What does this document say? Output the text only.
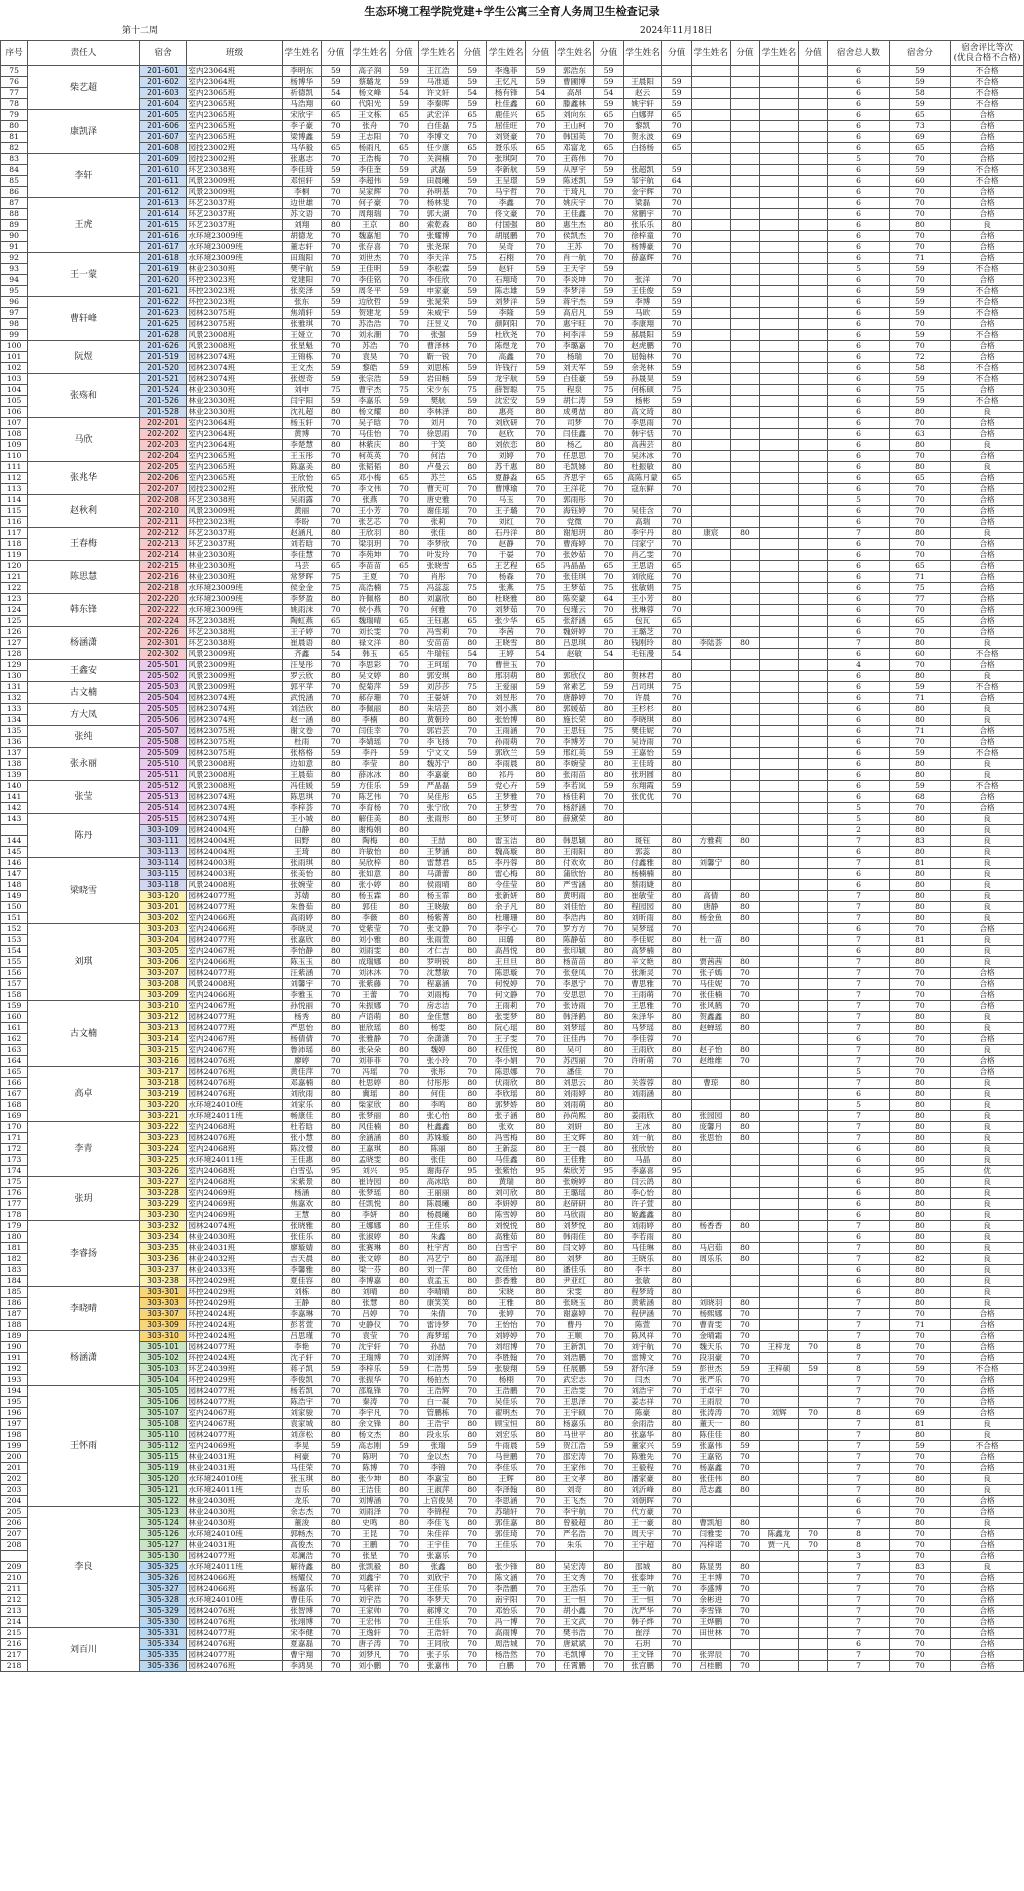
生态环境工程学院党建+学生公寓三全育人务周卫生检查记录
第十二周	2024年11月18日
序号	责任人	宿舍	班级	学生姓名	分值	学生姓名	分值	学生姓名	分值	学生姓名	分值	学生姓名	分值	学生姓名	分值	学生姓名	分值	学生姓名	分值	宿舍总人数	宿舍分	宿舍评比等次
(优良合格不合格)
75	柴艺超	201-601	室内23064班	李明东	59	高子润	59	王江浩	59	李逸菲	59	郭浩东	59							6	59	不合格
76		201-602	室内23064班	杨博华	59	蔡璐龙	59	马准遥	59	王忆凡	59	曹圃博	59	王晨阳	59					6	59	不合格
77		201-603	室内23065班	祈德凯	54	杨文峰	54	许文轩	54	杨有锋	54	高昂	54	赵云	59					6	58	不合格
78		201-604	室内23065班	马浩翔	60	代阳光	59	李秦晖	59	杜佳鑫	60	滕鑫林	59	姚宇轩	59					6	59	不合格
79	康凯泽	201-605	室内23065班	宋欣宇	65	王文栋	65	武宏洋	65	鹿佳兴	65	刘向东	65	白娜羿	65					6	65	合格
80		201-606	室内23065班	李子豪	70	张舟	70	白佳磊	75	屈佳旺	70	王山柯	70	黎凯	70					6	73	合格
81		201-607	室内23065班	梁博鑫	59	王志阳	70	李博文	70	刘贤豪	70	韩国英	70	贺永波	69					6	69	合格
82		201-608	园技23002班	马华毅	65	杨雨凡	65	任少康	65	聂乐乐	65	邓富龙	65	白扬杨	65					6	65	合格
83	李轩	201-609	园技23002班	张惠志	70	王浩梅	70	关润楠	70	张琪阿	70	王蒋伟	70							5	70	合格
84		201-610	环艺23038班	李佳琦	59	李佳奎	59	武磊	59	李新航	59	从厚宇	59	张超凯	59					6	59	不合格
85		201-611	风景23009班	邓恒轩	59	李超伟	59	田晨曦	59	王呈璟	59	陈述凯	59	邹宇航	64					6	60	不合格
86		201-612	风景23009班	李桐	70	吴家辉	70	孙明基	70	马宇哲	70	于琦凡	70	金宇辉	70					6	70	合格
87	王虎	201-613	环艺23037班	边世雄	70	何子豪	70	杨林斐	70	李鑫	70	姚庆宇	70	梁磊	70					6	70	合格
88		201-614	环艺23037班	苏文语	70	周翔瑞	70	郭大湖	70	佟文豪	70	王佳鑫	70	常鹏宇	70					6	70	合格
89		201-615	环艺23037班	刘翔	80	王京	80	索乾森	80	付国强	80	惠生杰	80	张乐乐	80					6	80	良
90		201-616	水环境23009班	胡德龙	70	魏嘉旭	70	张耀博	70	胡展鹏	70	侯凯杰	70	徐梓童	70					6	70	合格
91		201-617	水环境23009班	董志轩	70	张存喜	70	张尧琛	70	吴奇	70	王苏	70	杨博豪	70					6	70	合格
92	王一蒙	201-618	水环境23009班	田瑞阳	70	刘世杰	70	李天洋	75	石栩	70	肖一航	70	薛嘉辉	70					6	71	合格
93		201-619	林业23030班	樊宇航	59	王佳明	59	李松霖	59	赵轩	59	王天宇	59							5	59	不合格
94		201-620	环控23023班	党建阳	70	李佳铭	70	李佳欣	70	石翔琦	70	李炎坤	70	张洋	70					6	70	合格
95		201-621	环控23023班	张奕泽	59	周冬平	59	申家豪	59	陈志雄	59	李梦洋	59	王佳俊	59					6	59	不合格
96	曹轩峰	201-622	环控23023班	张东	59	边欣哲	59	张晁荣	59	刘梦洋	59	蒋宇杰	59	李博	59					6	59	不合格
97		201-623	园林23075班	焦靖轩	59	贺建龙	59	朱威宇	59	李隆	59	高启凡	59	马欧	59					6	59	不合格
98		201-625	园林23075班	张雅琪	70	苏浩浩	70	汪昱义	70	颜阿阳	70	惠宇旺	70	李康翔	70					6	70	合格
99		201-628	风景23008班	王娅立	70	刘永潮	70	张强	59	杜欣尧	70	柯李洋	59	郝晨阳	59					6	59	不合格
100	阮煜	201-626	风景23008班	张星魁	70	苏浩	70	曹泽林	70	陈煜龙	70	李璐嘉	70	赵虎鹏	70					6	70	合格
101		201-519	园林23074班	王锦栋	70	袁昊	70	靳一锐	70	高鑫	70	杨瑞	70	屈翰林	70					6	72	合格
102		201-520	园林23074班	王文杰	59	黎皓	59	刘思栋	59	许钱行	59	刘天军	59	余尧林	59					6	58	不合格
103	张殇和	201-521	园林23074班	张煜奇	59	张宗浩	59	岩田畅	59	龙宇航	59	白佳豪	59	孙晟昊	59					6	59	不合格
104		201-524	林业23030班	刘申	75	曹宇杰	75	宋少东	75	薛智聪	75	程泉	75	何栋硕	75					6	75	合格
105		201-526	林业23030班	闫宇阳	59	李嘉乐	59	樊航	59	沈宏安	59	胡仁涛	59	杨彬	59					6	59	不合格
106		201-528	林业23030班	沈礼超	80	杨文耀	80	李林泽	80	惠亮	80	成勇喆	80	高文琦	80					6	80	良
107	马欣	202-201	室内23064班	杨玉轩	70	吴子晗	70	刘月	70	刘欣研	70	司梦	70	李思雨	70					6	70	合格
108		202-202	室内23064班	黄博	70	马佳怡	70	徐思雨	70	赵欣	70	闫佳鑫	70	韩宇恬	70					6	63	合格
109		202-203	室内23064班	李楚慧	80	林紫庆	80	于笑	80	刘依恋	80	杨乙	80	高茜芸	80					6	80	良
110		202-204	室内23065班	王玉彤	70	柯英英	70	何洁	70	刘婷	70	任思思	70	吴沐冰	70					6	70	合格
111	张兆华	202-205	室内23065班	陈嘉美	80	张韬韬	80	卢曼云	80	苏千惠	80	毛凯娣	80	杜振敏	80					6	80	良
112		202-206	室内23065班	王欣怡	65	邓小梅	65	苏兰	65	夏静淼	65	齐思宇	65	高陈月蒙	65					6	65	合格
113		202-207	园技23002班	张欣悦	70	李文伟	70	曹天可	70	曹博瑜	70	王洋花	70	寇东鲜	70					6	70	合格
114	赵秋利	202-208	环艺23038班	吴雨露	70	张燕	70	唐史雅	70	马玉	70	郭雨彤	70							5	70	合格
115		202-210	风景23009班	黄丽	70	王小芳	70	谢佳瑶	70	王子璐	70	海钰婷	70	吴佳含	70					6	70	合格
116		202-211	环控23023班	李盼	70	张艺芯	70	张莉	70	刘红	70	党微	70	高瑞	70					6	70	合格
117	王春梅	202-212	环艺23037班	赵涵凡	80	王欣羽	80	张佳	80	石丹洋	80	谢旭玥	80	李宇丹	80	康宸	80			7	80	良
118		202-213	环艺23037班	刘若晗	70	梁羽玥	70	李梦欣	70	赵静	70	曹海婷	70	闫家宁	70					6	70	合格
119		202-214	林业23030班	李佳慧	70	李苑坤	70	叶发玲	70	于晏	70	张妙茹	70	肖乙雯	70					6	70	合格
120	陈思慧	202-215	林业23030班	马芸	65	李苗苗	65	张晓雪	65	王艺程	65	冯晶晶	65	王思语	65					6	65	合格
121		202-216	林业23030班	常梦晖	75	王夏	70	肖彤	70	杨森	70	张佳琪	70	刘欣庭	70					6	71	合格
122		202-218	水环境23009班	侯金金	75	高浩楠	75	冯蕊蕊	75	张燕	75	王梦茹	75	张敏娟	75					6	75	合格
123	韩东锋	202-220	水环境23009班	李梦盈	80	许佩格	80	刘嘉欣	80	杜晓雅	80	陈奕蒙	64	王小芳	80					6	77	合格
124		202-222	水环境23009班	姚雨沫	70	侯小燕	70	何雅	70	刘梦茹	70	包瑾云	70	张琳蓉	70					6	70	合格
125		202-224	环艺23038班	陶虹燕	65	魏瑞晴	65	王钰惠	65	张少华	65	张舒涵	65	包瓦	65					6	65	合格
126	杨涵潇	202-226	环艺23038班	王子婷	70	刘长雯	70	冯雪莉	70	李茜	70	魏妍婷	70	王璐芝	70					6	70	合格
127		202-301	环艺23038班	崔晨语	80	禄文洋	80	安苗苗	80	王晓雪	80	吕思琪	80	钱刚玲	80	李陆荟	80			7	80	良
128		202-302	风景23009班	齐鑫	54	韩玉	65	牛瑞钰	54	王婷	54	赵敏	54	毛钰漫	54					6	60	不合格
129	王鑫安	205-501	风景23009班	汪旻彤	70	李思彩	70	王珂瑶	70	曹世玉	70									4	70	合格
130		205-502	风景23009班	罗云欣	80	吴文婷	80	郭安琪	80	邢羽萌	80	郭欣仪	80	贺林君	80					6	80	良
131	古文楠	205-503	风景23009班	郭平苹	70	倪菊萍	59	刘莎莎	75	王爱丽	59	常素艺	59	吕司琪	75					6	59	不合格
132		205-504	园林23074班	武悦涵	70	郝存珊	70	王晏妍	70	刘昱彤	70	唐静婷	70	许晨	70					6	71	合格
133	方大凤	205-505	园林23074班	刘洁欣	80	李佩丽	80	朱培芸	80	刘小燕	80	郭媛茹	80	王杉杉	80					6	80	良
134		205-506	园林23074班	赵一涵	80	李楠	80	黄朝玲	80	张怡博	80	施长荣	80	李晓琪	80					6	80	良
135	张纯	205-507	园林23075班	谢文卷	70	闫佳幸	70	郭岩芸	70	王雨涵	70	王思钰	75	樊佳妮	70					6	71	合格
136		205-508	园林23075班	杜雨	70	李婧瑶	70	李飞扬	70	孙雨萌	70	李博芳	70	吴诗雨	70					6	70	合格
137	张永丽	205-509	园林23075班	张格格	59	李丹	59	宁文文	59	郭欣兰	59	邢红英	59	王嘉怡	59					6	59	不合格
138		205-510	风景23008班	边如意	80	李莹	80	魏苏宁	80	李雨晨	80	李婉莹	80	王佳琦	80					6	80	良
139		205-511	风景23008班	王晨茹	80	薛冰冰	80	李嘉豪	80	祁丹	80	张雨苗	80	张玥圆	80					6	80	良
140	张莹	205-512	风景23008班	冯佳媛	59	方佳乐	59	严晶磊	59	党心卉	59	李若岚	59	东翔霞	59					6	59	不合格
141		205-513	园林23074班	陈思琪	70	陈艺伟	70	吴佳彤	65	王梦雅	70	杨佳莉	70	张优优	70					6	68	合格
142		205-514	园林23074班	李梓荟	70	李育杨	70	张宁欣	70	王梦雪	70	杨舒涵	70							5	70	合格
143	陈丹	205-515	园林23074班	王小城	80	解佳美	80	张雨形	80	王梦可	80	薛黛荣	80							5	80	良
		303-109	园林24004班	白静	80	谢梅娟	80													2	80	良
144		303-111	园林24004班	田野	80	陶梅	80	王喆	80	雷玉洁	80	韩思颖	80	斑钰	80	方雅莉	80			7	83	良
145		303-113	园林24004班	王琦	80	许敏怡	80	王梦涵	80	魏高璇	80	王雨阳	80	郭蕊	80					6	80	良
146	梁晓雪	303-114	园林24003班	张雨琪	80	吴欣梓	80	雷慧君	85	李丹蓉	80	付欢欢	80	付鑫雅	80	刘馨宁	80			7	81	良
147		303-115	园林24003班	张美怡	80	张如意	80	马潇蕾	80	雷心梅	80	蒲欣怡	80	杨楠楠	80					6	80	良
148		303-118	风景24008班	张婉莹	80	张小婷	80	侯雨晴	80	令佳莹	80	严雪涵	80	蔡雨婕	80					6	80	良
149		303-120	园林24077班	苏婧	80	杨玉霖	80	杨玉霏	80	张新妍	80	黄明雨	80	崔敏莹	80	高倩	80			7	80	良
150		303-201	园林24077班	朱鲁茹	80	郭佳	80	王晓敏	80	余子凡	80	刘佳怡	80	程园园	80	唐静	80			7	80	良
151		303-202	室内24066班	高雨婷	80	李薇	80	杨紫菁	80	杜珊珊	80	李浩冉	80	刘昕雨	80	杨金鱼	80			7	80	良
152	刘琪	303-203	室内24066班	李晓灵	70	党紫莹	70	张文静	70	李宇心	70	罗方方	70	吴梦瑶	70					6	70	合格
153		303-204	园林24077班	张嘉欣	80	刘小雅	80	张雨萱	80	田璐	80	陈静茹	80	李佳妮	80	杜一苗	80			7	81	良
154		303-205	室内24067班	李怡静	80	刘雨雯	80	才仁吉	80	高昌悦	80	张印颖	80	高梦楠	80					6	80	良
155		303-206	室内24066班	陈玉玉	80	成瑞娜	80	罗明锐	80	王旦旦	80	杨苗苗	80	辛文艳	80	贾茜茜	80			7	80	良
156		303-207	园林24077班	汪紫涵	70	刘沐沐	70	沈慧敏	70	陈思璇	70	张登凤	70	张渐灵	70	张子嫣	70			7	70	合格
157		303-208	风景24008班	刘馨宇	70	张紫藤	70	程嘉涵	70	何悦婷	70	李恩宁	70	曹思雅	70	马佳妮	70			7	70	合格
158		303-209	室内24066班	李雅玉	70	王蕾	70	刘雨梅	70	何文静	70	安思思	70	王雨萌	70	张佳楠	70			7	70	合格
159	古文楠	303-210	室内24067班	孙悦丽	70	朱振娜	70	房志洁	70	王雨莉	70	张诗雨	70	王思雅	70	张风鹤	70			7	70	合格
160		303-212	园林24077班	杨秀	80	卢语萌	80	金佳慧	80	张雯梦	80	韩泽鹤	80	朱泽华	80	贺鑫鑫	80			7	80	良
161		303-213	园林24077班	严思怡	80	崔欣瑶	80	杨雯	80	阮心瑶	80	刘梦瑶	80	马梦瑶	80	赵蝉瑶	80			7	80	良
162		303-214	室内24067班	杨倩倩	70	张雅静	70	余潇潇	70	王子雯	70	汪佳冉	70	李佳蓉	70					6	70	合格
163		303-215	室内24067班	鲁沛瑶	80	张朵朵	80	魏婷	80	权佳悦	80	吴可	80	王雨欣	80	赵子怡	80			7	80	良
164		303-216	园林24076班	廖婷	70	刘菲菲	70	张小玲	70	李小娟	70	苏西丽	70	许昕萌	70	赵维维	70			7	70	合格
165	高卓	303-217	园林24076班	黄佳萍	70	冯瑶	70	张彤	70	陈思娜	70	潘佳	70							5	70	合格
166		303-218	园林24076班	邓嘉楠	80	杜思婷	80	付彤彤	80	伏雨欣	80	刘思云	80	关蓉蓉	80	曹琼	80			7	80	良
167		303-219	园林24076班	刘欣雨	80	冀瑶	80	何佳	80	李欣瑶	80	刘雨婷	80	刘雨涵	80					6	80	良
168		303-220	水环境24010班	刘家乐	80	柴家欣	80	李鸣	80	郭梦娇	80	刘雨萌	80							5	80	良
169		303-221	水环境24011班	畅康佳	80	张梦丽	80	张心怡	80	张子涵	80	孙尚熙	80	姜雨欣	80	张园园	80			7	80	良
170	李青	303-222	室内24068班	杜若晗	80	风佳楠	80	杜鑫鑫	80	张欢	80	刘妍	80	王冰	80	庞馨月	80			7	80	良
171		303-223	园林24076班	张小慧	80	余涵涵	80	苏姝璇	80	冯雪梅	80	王文辉	80	刘一航	80	张思怡	80			7	80	良
172		303-224	室内24068班	陈汶憬	80	王嘉琪	80	陈丽	80	王新蕊	80	王一晨	80	张欣怡	80					6	80	良
173		303-225	水环境24011班	王佳惠	80	孟晓雯	80	张佳	80	马佳鑫	80	王佳雅	80	马晶	80					6	80	良
174		303-226	室内24068班	白雪弘	95	刘兴	95	谢海存	95	张紫怡	95	柴欣芳	95	李嘉喜	95					6	95	优
175	张玥	303-227	室内24068班	宋紫景	80	崔诗园	80	高冰晗	80	黄瑞	80	张婉婷	80	闫云鸽	80					6	80	良
176		303-228	室内24069班	杨涵	80	张梦瑶	80	王丽丽	80	刘可欣	80	王璐瑶	80	李心怡	80					6	80	良
177		303-229	室内24069班	焦嘉欢	80	任凯悦	80	陈晨曦	80	李妍婷	80	赵研研	80	许子萱	80					6	80	良
178		303-230	室内24069班	王慧	80	李妍	80	杨晨曦	80	陈雪婷	80	马欣雨	80	姬鑫鑫	80					6	80	良
179	李睿扬	303-232	园林24074班	张晓雅	80	王娜娜	80	王佳乐	80	刘悦悦	80	刘梦悦	80	刘雨婷	80	杨香香	80			7	80	良
180		303-234	林业24030班	张佳乐	80	张淑婷	80	朱鑫	80	高雅茹	80	韩雨佳	80	李若雨	80					6	80	良
181		303-235	林业24031班	廖璇婧	80	张赛琳	80	杜宇宵	80	白雪宇	80	闫文婷	80	马佳琳	80	马启茹	80			7	80	良
182		303-236	林业24032班	吉天晨	80	张文婷	80	冯艺宁	80	高泽瑶	80	刘梦	80	王晓乐	80	周乐乐	80			7	82	良
183		303-237	林业24033班	李馨雅	80	梁一芬	80	刘一萍	80	文佳怡	80	潘佳乐	80	李丰	80					6	80	良
184		303-238	环控24029班	夏佳容	80	李博嘉	80	袁孟玉	80	彭香雅	80	尹亚红	80	张敏	80					6	80	良
185	李晓晴	303-301	环控24029班	刘栋	80	刘晴	80	李晴晴	80	宋晓	80	宋雯	80	程梦琦	80					6	80	良
186		303-303	环控24029班	王静	80	张慧	80	康笑笑	80	王雅	80	张晓玉	80	黄紫涵	80	刘晓羽	80			7	80	良
187		303-307	环控24024班	李嘉琳	70	吕婷	70	朱倩	70	张婷	70	谢嘉婷	70	程伊涵	70	杨熙娜	70			7	70	合格
188		303-309	环控24024班	彭茗萱	70	史静仪	70	雷诗梦	70	王怡怡	70	曹丹	70	陈萱	70	曹青雯	70			7	71	合格
189	杨涵潇	303-310	环控24024班	吕思瑾	70	袁莹	70	海梦瑶	70	刘婷婷	70	王顺	70	陈风祥	70	金晴霜	70			7	70	合格
190		305-101	园林24077班	李艳	70	沈宇轩	70	孙喆	70	刘绍博	70	王新凯	70	刘宇航	70	魏天乐	70	王梓龙	70	8	70	合格
191		305-102	环控24024班	沈子轩	70	王瑞博	70	刘泽辉	70	李胜翰	70	刘浩鹏	70	雷博文	70	段羽豪	70			7	70	合格
192		305-103	环艺24039班	蒋子凯	59	李梓乐	59	仁浩男	59	张骏翔	59	任展鹏	59	舒尔泽	59	彭世杰	59	王梓硕	59	8	59	不合格
193		305-104	环控24029班	李俊凯	70	张振华	70	杨拍杰	70	杨栩	70	武宏志	70	闫杰	70	张严乐	70			7	70	合格
194	王怀雨	305-105	园林24077班	杨若凯	70	邵胤锋	70	王浩辉	70	王浩鹏	70	王浩雯	70	刘浩宇	70	于卓宇	70			7	70	合格
195		305-106	园林24077班	陈浩宇	70	秦涛	70	白一凝	70	吴佳乐	70	王思泽	70	姜志祥	70	王雨辰	70			7	70	合格
196		305-107	室内24067班	刘家骏	70	李宇凡	70	管鹏栋	70	翟明杰	70	王宇硕	70	陈豪	80	张涛涛	70	刘辉	70	8	69	合格
197		305-108	室内24067班	袁家城	80	余文锋	80	王浩宇	80	顾宝恒	80	杨嘉乐	80	余雨浩	80	董天一	80			7	81	良
198		305-110	园林24077班	刘彦松	80	杨文杰	80	段永乐	80	刘宏乐	80	马世平	80	张嘉华	80	陈佳佳	80			7	80	良
199		305-112	室内24069班	李晃	59	高志刚	59	张瑞	59	牛雨晨	59	贺江浩	59	董家兴	59	张嘉伟	59			7	59	不合格
200		305-115	林业24031班	柯豪	70	陈明	70	金以杰	70	马世鹏	70	邵宏涛	70	陈雅先	70	王嘉铭	70			7	70	合格
201		305-119	林业24031班	马佳荣	70	陈博	70	李锦	70	李佳乐	70	王家伟	70	王毅程	70	杨嘉鑫	70			7	70	合格
202		305-120	水环境24010班	张玉琪	80	张少坤	80	李嘉宝	80	王辉	80	王文孝	80	潘家豪	80	张佳伟	80			7	80	良
203		305-121	水环境24011班	吉乐	80	王洁佳	80	王淑萍	80	李泽翰	80	刘奇	80	刘沂峰	80	范志鑫	80			7	80	良
204		305-122	林业24030班	龙乐	70	刘博涵	70	上官俊昊	70	李思涵	70	王飞杰	70	刘朝晖	70					6	70	合格
205	李良	305-123	林业24030班	余志杰	70	刘雨泽	70	李锦程	70	苏瑞轩	70	李宇航	70	代方豪	70					6	70	合格
206		305-124	林业24030班	董浚	80	史鸣	80	李佳飞	80	郭佳嘉	80	曾毅超	80	王一豪	80	曹凯旭	80			7	80	良
207		305-126	水环境24010班	郭畅杰	70	王昆	70	朱佳祥	70	郭佳琦	70	严名浩	70	周天宇	70	闫雅雯	70	陈鑫龙	70	8	70	合格
208		305-127	林业24031班	高俊杰	70	王鹏	70	王宇佳	70	王佳乐	70	朱乐	70	王宇超	70	冯梓诺	70	贾一凡	70	8	70	合格
		305-130	园林24077班	邓澜浩	70	张星	70	张嘉乐	70											3	70	合格
209		305-325	水环境24011班	解待鑫	80	张凯毅	80	张鑫	80	张少锋	80	吴宏涛	80	邵城	80	陈显男	80			7	83	良
210		305-326	园林24066班	杨耀仪	70	刘鑫宇	70	刘欣宇	70	陈文涵	70	王文秀	70	张泰坤	70	王丰博	70			7	70	合格
211		305-327	园林24066班	杨嘉乐	70	马紫祥	70	王佳乐	70	李浩鹏	70	王浩乐	70	王一航	70	李盛博	70			7	70	合格
212		305-328	水环境24010班	曹佳乐	70	刘宇浩	70	李梦天	70	南宇阳	70	王一恒	70	王一恒	70	余彬进	70			7	70	合格
213		305-329	园林24076班	张智博	70	王家帅	70	郝博文	70	邓怡乐	70	胡小鑫	70	沈严华	70	李雪锋	70			7	70	合格
214		305-330	园林24076班	张翊博	70	王宏伟	70	王佳乐	70	冯一博	70	王文武	70	韩子烨	70	王烨鹏	70			7	70	合格
215	刘百川	305-331	园林24077班	宋李健	70	王逸轩	70	王浩轩	70	高雨博	70	樊书浩	70	崔浮	70	田世林	70			7	70	合格
216		305-334	园林24076班	夏嘉磊	70	唐子涛	70	王同欣	70	周浩城	70	唐斌斌	70	石玥	70					6	70	合格
217		305-335	园林24077班	曹宇翔	70	刘梦凡	70	张子乐	70	杨浩然	70	毛凯博	70	王文铎	70	张羿辰	70			7	70	合格
218		305-336	园林24076班	李鸿昊	70	刘小鹏	70	张嘉伟	70	白鹏	70	任霄鹏	70	张宫鹏	70	吕桂鹏	70			7	70	合格
